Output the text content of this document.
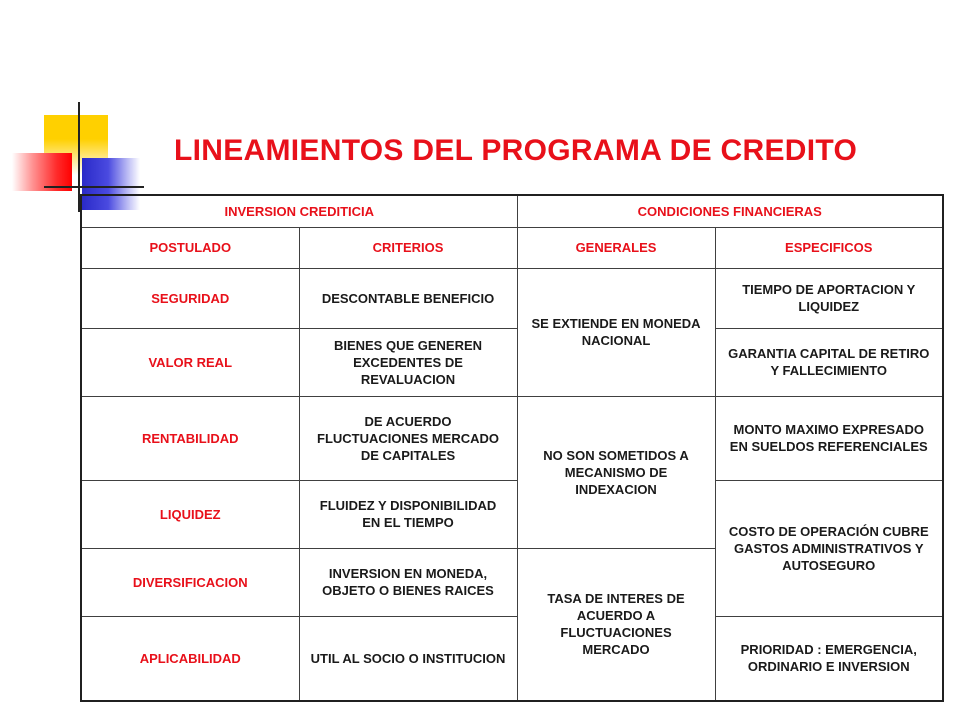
LINEAMIENTOS DEL PROGRAMA DE CREDITO
INVERSION CREDITICIA		CONDICIONES FINANCIERAS	
POSTULADO	CRITERIOS	GENERALES	ESPECIFICOS
SEGURIDAD	DESCONTABLE BENEFICIO	SE EXTIENDE EN MONEDA NACIONAL	TIEMPO DE APORTACION Y LIQUIDEZ
VALOR REAL	BIENES QUE GENEREN EXCEDENTES DE REVALUACION		GARANTIA CAPITAL DE RETIRO Y FALLECIMIENTO
RENTABILIDAD	DE ACUERDO FLUCTUACIONES MERCADO DE CAPITALES	NO SON SOMETIDOS A MECANISMO DE INDEXACION	MONTO MAXIMO EXPRESADO EN SUELDOS REFERENCIALES
LIQUIDEZ	FLUIDEZ Y DISPONIBILIDAD EN EL TIEMPO		COSTO DE OPERACIÓN CUBRE GASTOS ADMINISTRATIVOS Y AUTOSEGURO
DIVERSIFICACION	INVERSION EN MONEDA, OBJETO O BIENES RAICES	TASA DE INTERES DE ACUERDO A FLUCTUACIONES MERCADO	
APLICABILIDAD	UTIL AL SOCIO O INSTITUCION		PRIORIDAD : EMERGENCIA, ORDINARIO E INVERSION
